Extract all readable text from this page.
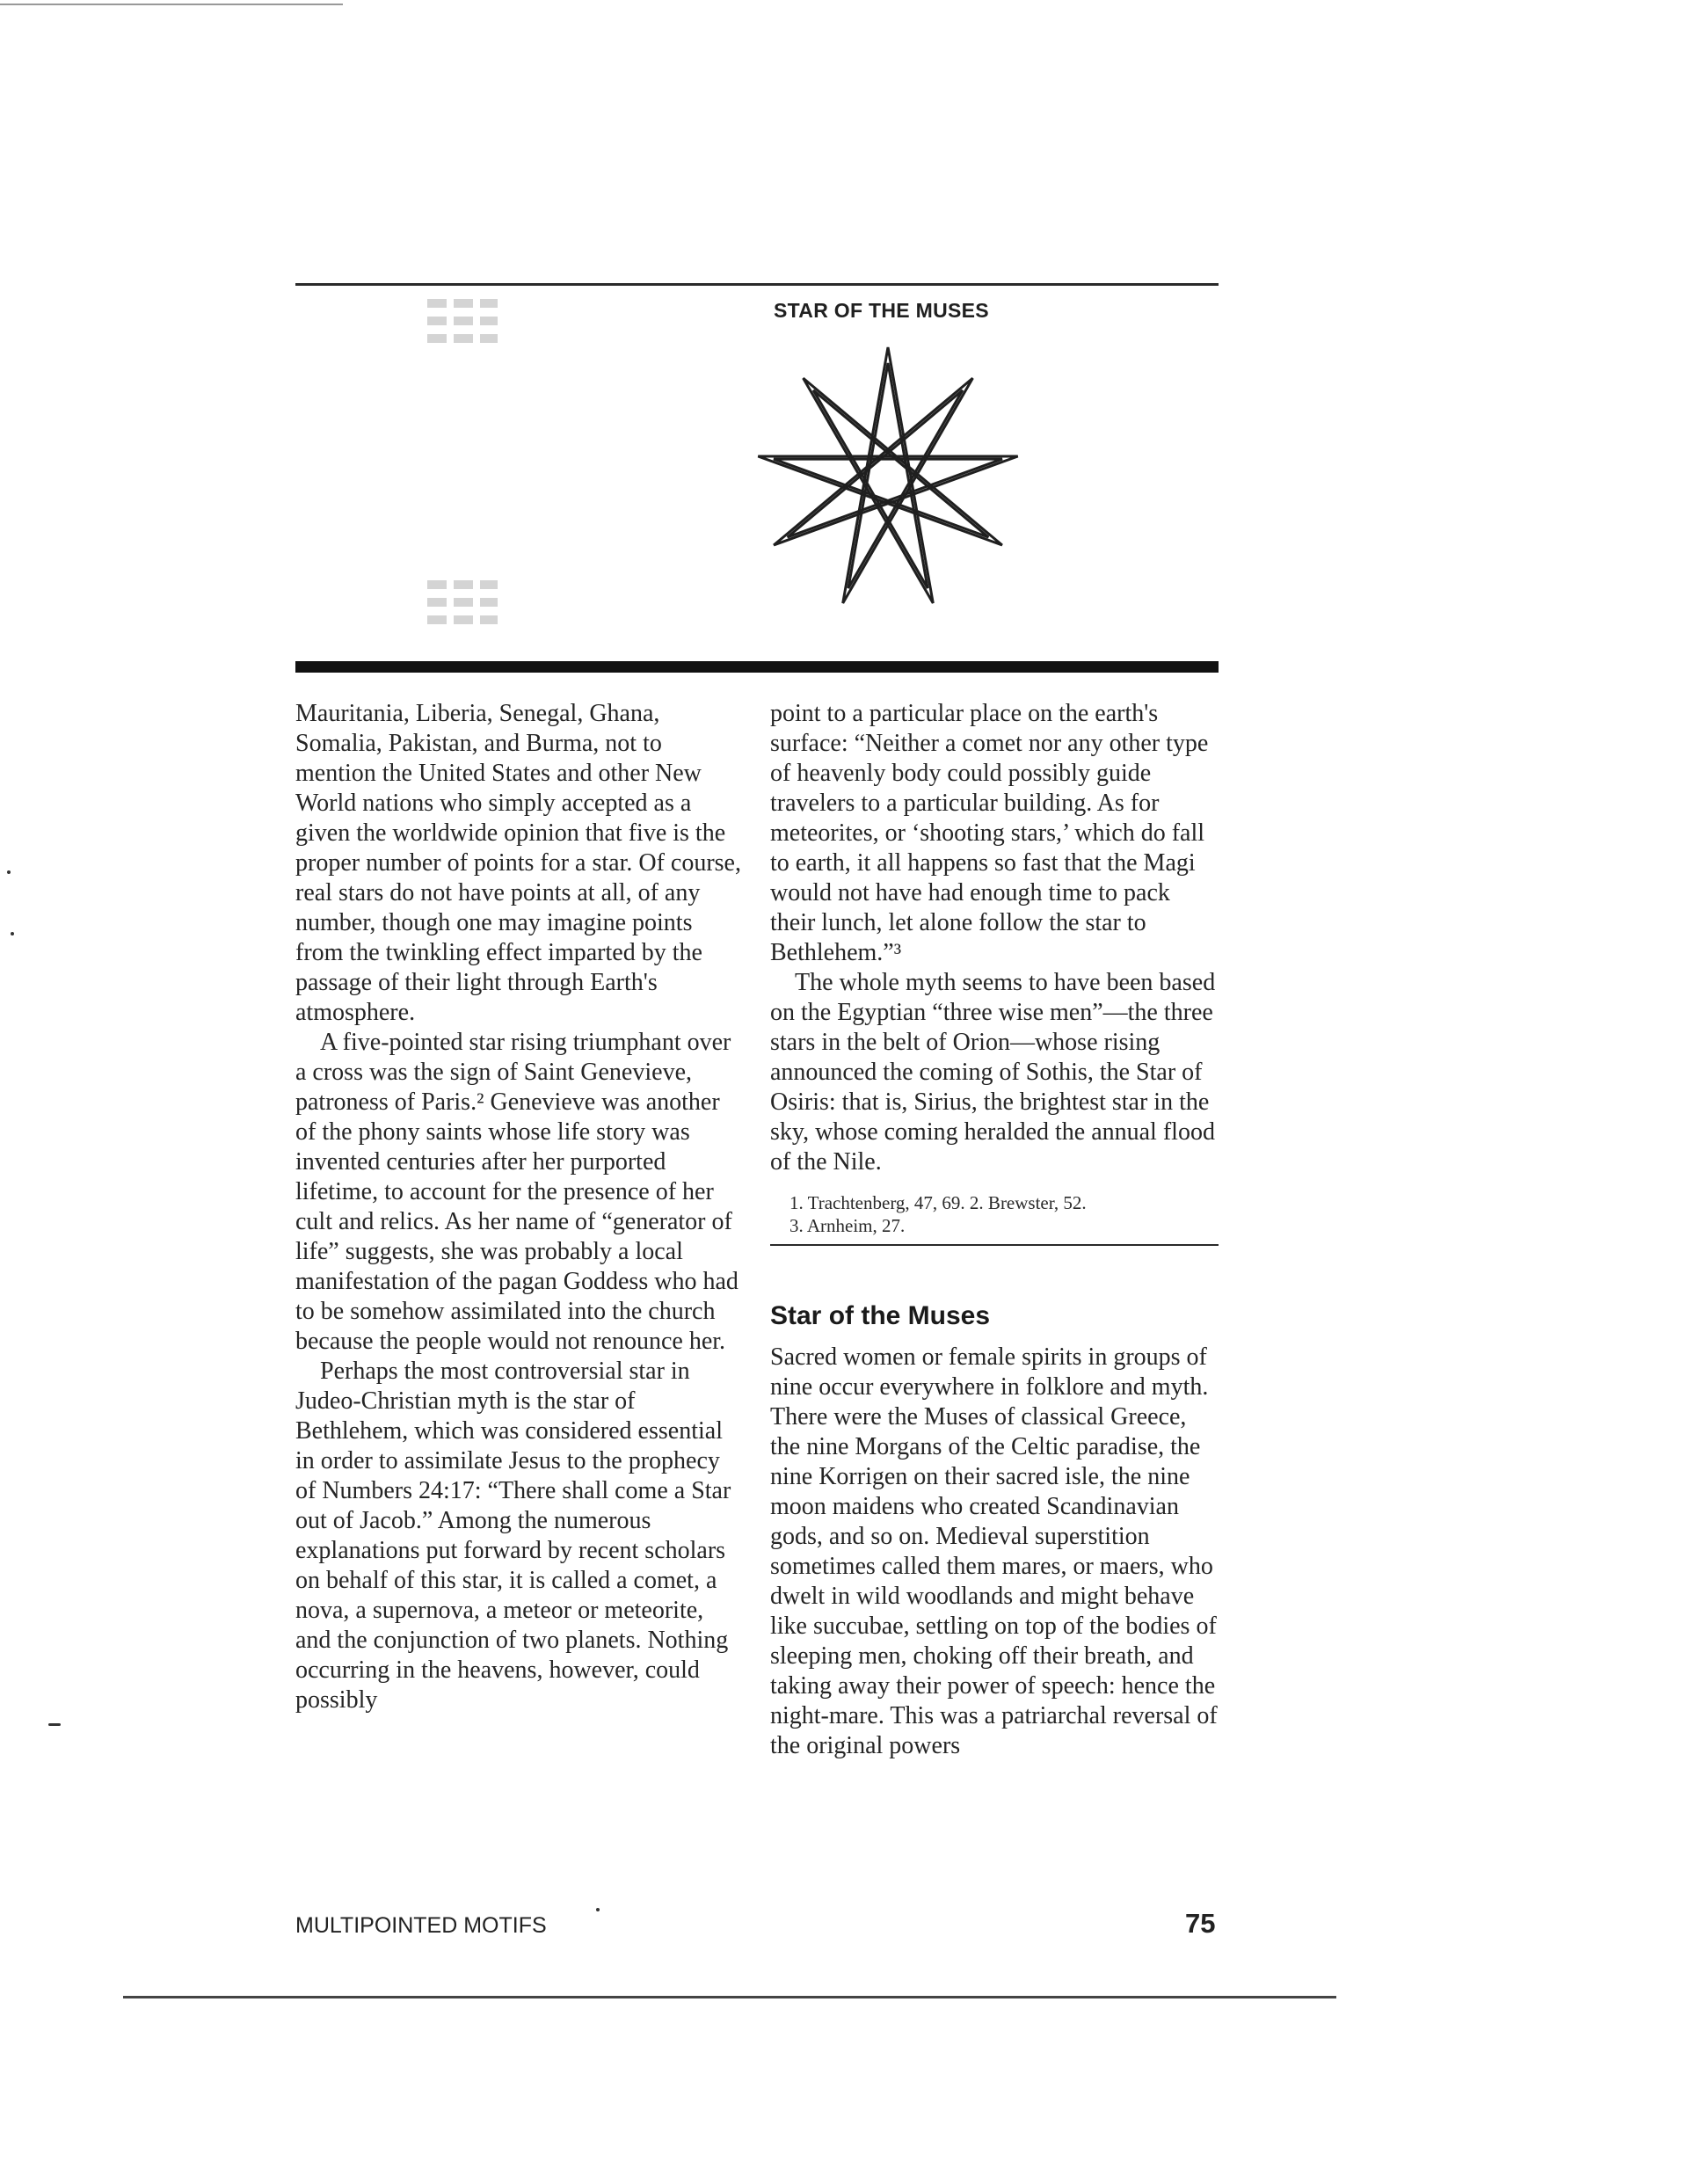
STAR OF THE MUSES

Mauritania, Liberia, Senegal, Ghana, Somalia, Pakistan, and Burma, not to mention the United States and other New World nations who simply accepted as a given the worldwide opinion that five is the proper number of points for a star. Of course, real stars do not have points at all, of any number, though one may imagine points from the twinkling effect imparted by the passage of their light through Earth's atmosphere.

A five-pointed star rising triumphant over a cross was the sign of Saint Genevieve, patroness of Paris.² Genevieve was another of the phony saints whose life story was invented centuries after her purported lifetime, to account for the presence of her cult and relics. As her name of “generator of life” suggests, she was probably a local manifestation of the pagan Goddess who had to be somehow assimilated into the church because the people would not renounce her.

Perhaps the most controversial star in Judeo-Christian myth is the star of Bethlehem, which was considered essential in order to assimilate Jesus to the prophecy of Numbers 24:17: “There shall come a Star out of Jacob.” Among the numerous explanations put forward by recent scholars on behalf of this star, it is called a comet, a nova, a supernova, a meteor or meteorite, and the conjunction of two planets. Nothing occurring in the heavens, however, could possibly

point to a particular place on the earth's surface: “Neither a comet nor any other type of heavenly body could possibly guide travelers to a particular building. As for meteorites, or ‘shooting stars,’ which do fall to earth, it all happens so fast that the Magi would not have had enough time to pack their lunch, let alone follow the star to Bethlehem.”³

The whole myth seems to have been based on the Egyptian “three wise men”—the three stars in the belt of Orion—whose rising announced the coming of Sothis, the Star of Osiris: that is, Sirius, the brightest star in the sky, whose coming heralded the annual flood of the Nile.

1. Trachtenberg, 47, 69. 2. Brewster, 52.
3. Arnheim, 27.
Star of the Muses

Sacred women or female spirits in groups of nine occur everywhere in folklore and myth. There were the Muses of classical Greece, the nine Morgans of the Celtic paradise, the nine Korrigen on their sacred isle, the nine moon maidens who created Scandinavian gods, and so on. Medieval superstition sometimes called them mares, or maers, who dwelt in wild woodlands and might behave like succubae, settling on top of the bodies of sleeping men, choking off their breath, and taking away their power of speech: hence the night-mare. This was a patriarchal reversal of the original powers

MULTIPOINTED MOTIFS	75
